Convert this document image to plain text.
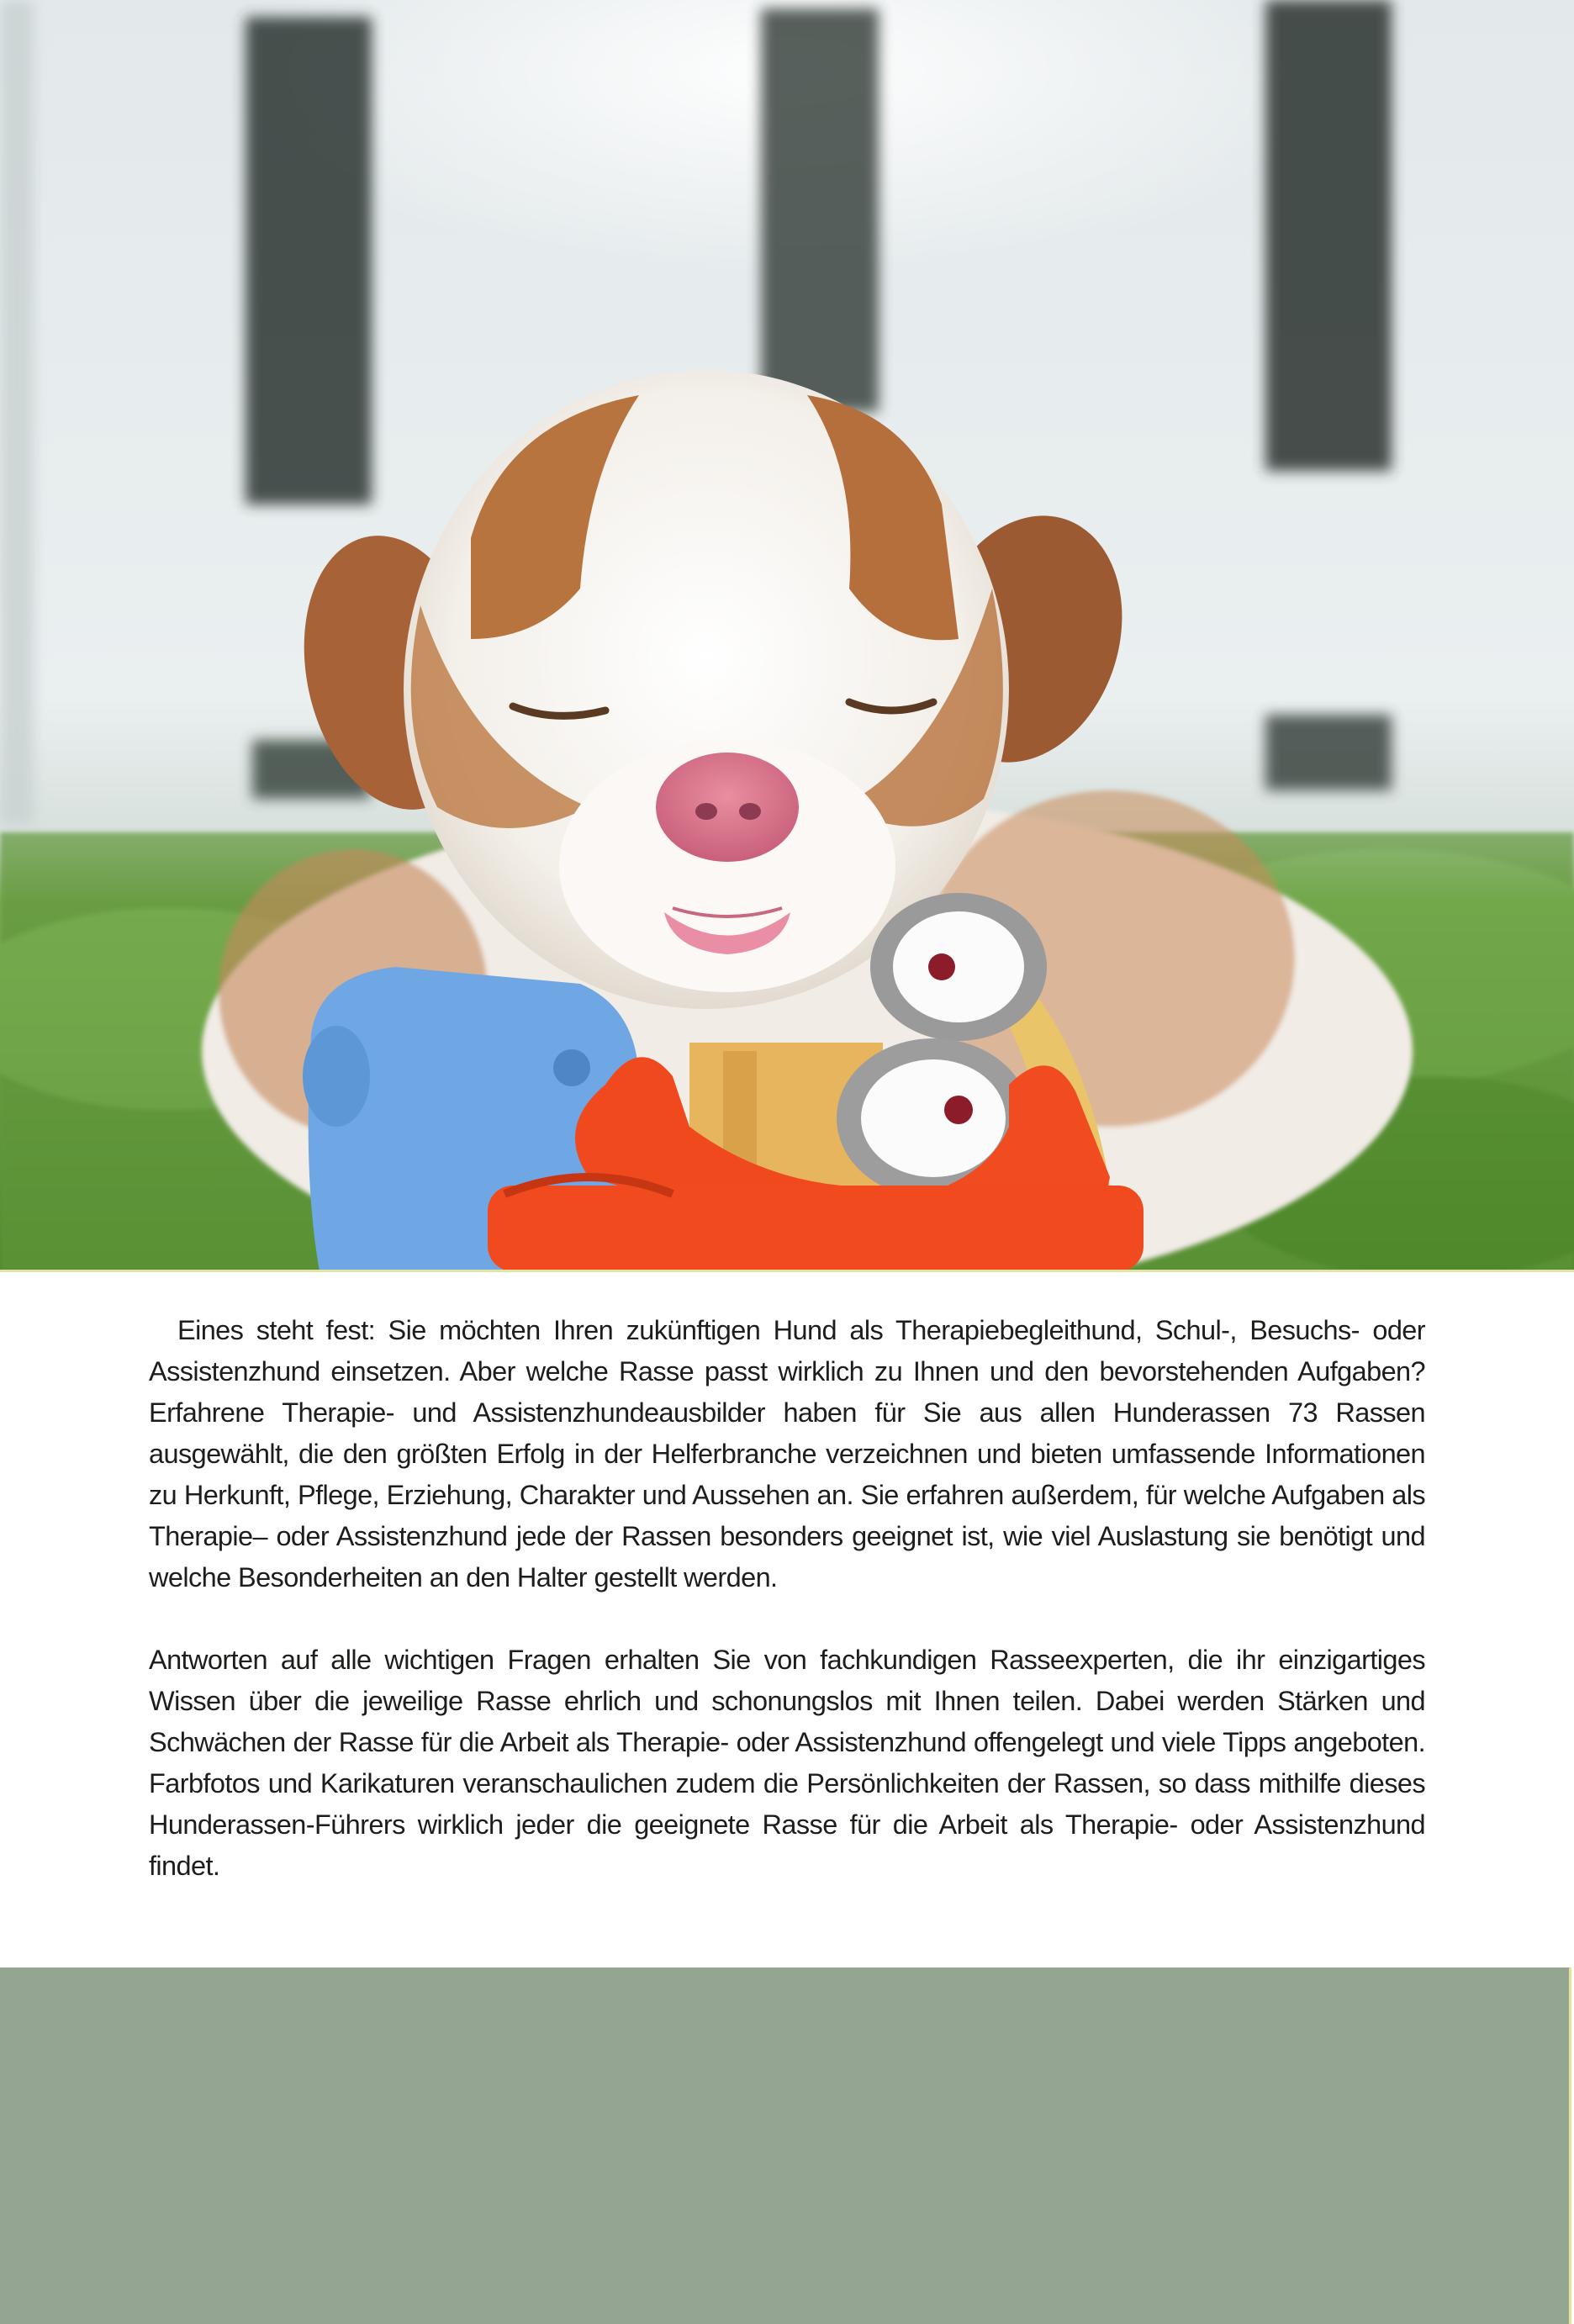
Eines steht fest: Sie möchten Ihren zukünftigen Hund als Therapiebegleithund, Schul-, Besuchs- oder Assistenzhund einsetzen. Aber welche Rasse passt wirklich zu Ihnen und den bevorstehenden Aufgaben? Erfahrene Therapie- und Assistenzhundeausbilder haben für Sie aus allen Hunderassen 73 Rassen ausgewählt, die den größten Erfolg in der Helferbranche verzeichnen und bieten umfassende Informationen zu Herkunft, Pflege, Erziehung, Charakter und Aussehen an. Sie erfahren außerdem, für welche Aufgaben als Therapie– oder Assistenzhund jede der Rassen besonders geeignet ist, wie viel Auslastung sie benötigt und welche Besonderheiten an den Halter gestellt werden.

Antworten auf alle wichtigen Fragen erhalten Sie von fachkundigen Rasseexperten, die ihr einzigartiges Wissen über die jeweilige Rasse ehrlich und schonungslos mit Ihnen teilen. Dabei werden Stärken und Schwächen der Rasse für die Arbeit als Therapie- oder Assistenzhund offengelegt und viele Tipps angeboten. Farbfotos und Karikaturen veranschaulichen zudem die Persönlichkeiten der Rassen, so dass mithilfe dieses Hunderassen-Führers wirklich jeder die geeignete Rasse für die Arbeit als Therapie- oder Assistenzhund findet.
